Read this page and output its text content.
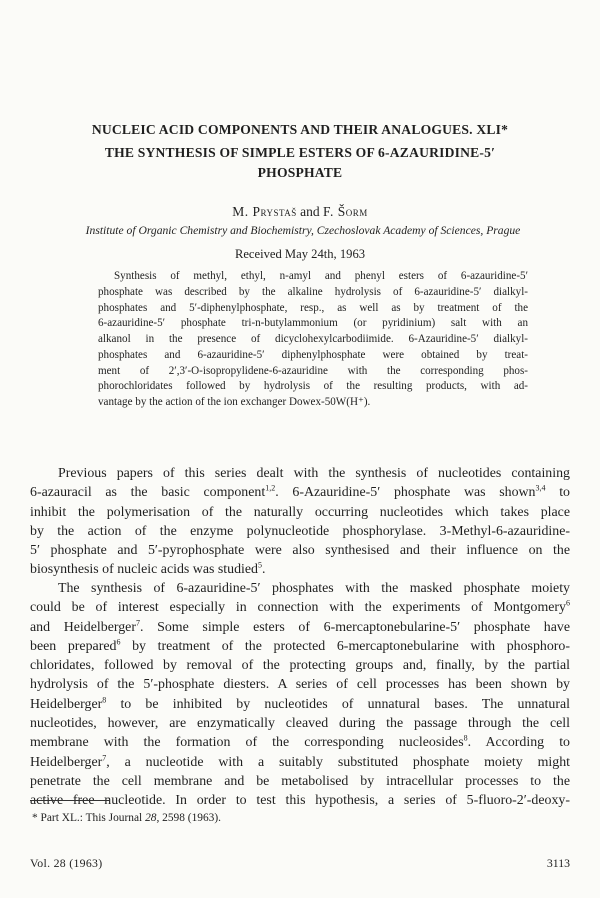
NUCLEIC ACID COMPONENTS AND THEIR ANALOGUES. XLI*
THE SYNTHESIS OF SIMPLE ESTERS OF 6-AZAURIDINE-5′
PHOSPHATE
M. Prystaš and F. Šorm
Institute of Organic Chemistry and Biochemistry, Czechoslovak Academy of Sciences, Prague
Received May 24th, 1963
Synthesis of methyl, ethyl, n-amyl and phenyl esters of 6-azauridine-5′
phosphate was described by the alkaline hydrolysis of 6-azauridine-5′ dialkyl-
phosphates and 5′-diphenylphosphate, resp., as well as by treatment of the
6-azauridine-5′ phosphate tri-n-butylammonium (or pyridinium) salt with an
alkanol in the presence of dicyclohexylcarbodiimide. 6-Azauridine-5′ dialkyl-
phosphates and 6-azauridine-5′ diphenylphosphate were obtained by treat-
ment of 2′,3′-O-isopropylidene-6-azauridine with the corresponding phos-
phorochloridates followed by hydrolysis of the resulting products, with ad-
vantage by the action of the ion exchanger Dowex-50W(H⁺).
Previous papers of this series dealt with the synthesis of nucleotides containing
6-azauracil as the basic component$^{1,2}$. 6-Azauridine-5′ phosphate was shown$^{3,4}$ to
inhibit the polymerisation of the naturally occurring nucleotides which takes place
by the action of the enzyme polynucleotide phosphorylase. 3-Methyl-6-azauridine-
5′ phosphate and 5′-pyrophosphate were also synthesised and their influence on the
biosynthesis of nucleic acids was studied$^5$.
The synthesis of 6-azauridine-5′ phosphates with the masked phosphate moiety
could be of interest especially in connection with the experiments of Montgomery$^6$
and Heidelberger$^7$. Some simple esters of 6-mercaptonebularine-5′ phosphate have
been prepared$^6$ by treatment of the protected 6-mercaptonebularine with phosphoro-
chloridates, followed by removal of the protecting groups and, finally, by the partial
hydrolysis of the 5′-phosphate diesters. A series of cell processes has been shown by
Heidelberger$^8$ to be inhibited by nucleotides of unnatural bases. The unnatural
nucleotides, however, are enzymatically cleaved during the passage through the cell
membrane with the formation of the corresponding nucleosides$^8$. According to
Heidelberger$^7$, a nucleotide with a suitably substituted phosphate moiety might
penetrate the cell membrane and be metabolised by intracellular processes to the
active free nucleotide. In order to test this hypothesis, a series of 5-fluoro-2′-deoxy-
* Part XL.: This Journal 28, 2598 (1963).
Vol. 28 (1963)	3113
